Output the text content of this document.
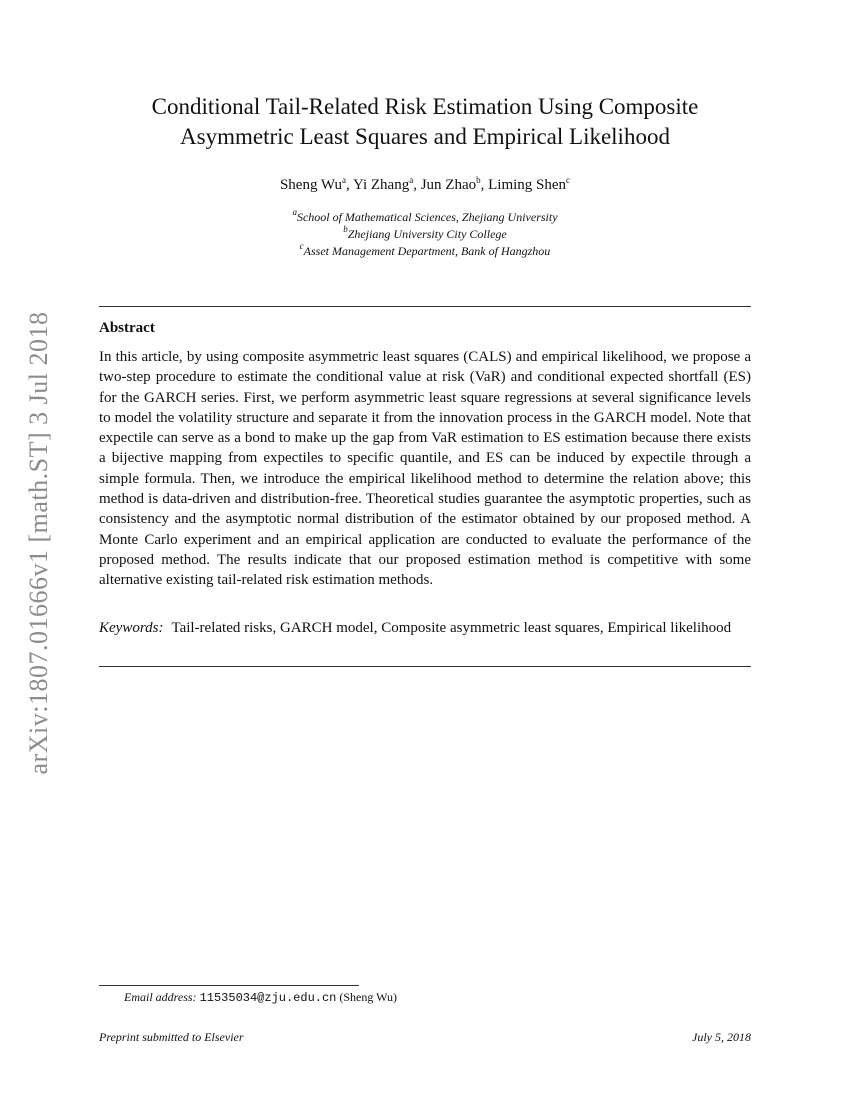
arXiv:1807.01666v1 [math.ST] 3 Jul 2018
Conditional Tail-Related Risk Estimation Using Composite
Asymmetric Least Squares and Empirical Likelihood
Sheng Wu$^a$, Yi Zhang$^a$, Jun Zhao$^b$, Liming Shen$^c$
$^a$School of Mathematical Sciences, Zhejiang University
$^b$Zhejiang University City College
$^c$Asset Management Department, Bank of Hangzhou
Abstract

In this article, by using composite asymmetric least squares (CALS) and empirical likelihood, we propose a two-step procedure to estimate the conditional value at risk (VaR) and conditional expected shortfall (ES) for the GARCH series. First, we perform asymmetric least square regressions at several significance levels to model the volatility structure and separate it from the innovation process in the GARCH model. Note that expectile can serve as a bond to make up the gap from VaR estimation to ES estimation because there exists a bijective mapping from expectiles to specific quantile, and ES can be induced by expectile through a simple formula. Then, we introduce the empirical likelihood method to determine the relation above; this method is data-driven and distribution-free. Theoretical studies guarantee the asymptotic properties, such as consistency and the asymptotic normal distribution of the estimator obtained by our proposed method. A Monte Carlo experiment and an empirical application are conducted to evaluate the performance of the proposed method. The results indicate that our proposed estimation method is competitive with some alternative existing tail-related risk estimation methods.

Keywords: Tail-related risks, GARCH model, Composite asymmetric least squares, Empirical likelihood

Email address: 11535034@zju.edu.cn (Sheng Wu)
Preprint submitted to Elsevier	July 5, 2018
